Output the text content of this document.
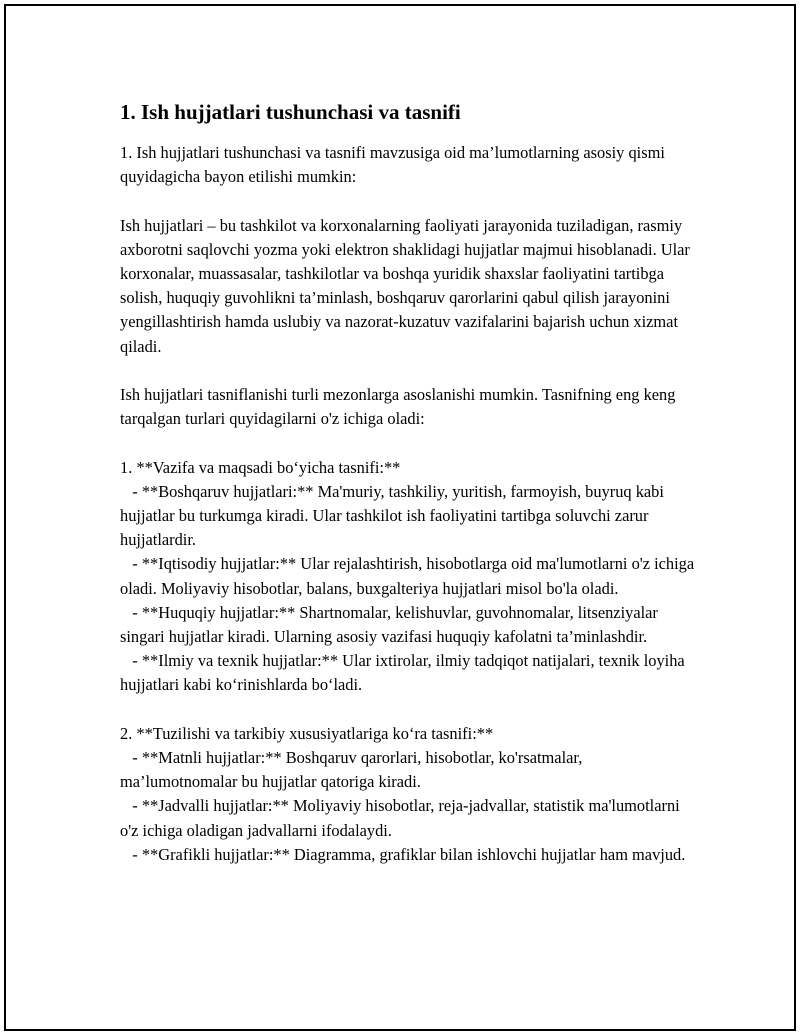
1. Ish hujjatlari tushunchasi va tasnifi

1. Ish hujjatlari tushunchasi va tasnifi mavzusiga oid ma’lumotlarning asosiy qismi quyidagicha bayon etilishi mumkin:

Ish hujjatlari – bu tashkilot va korxonalarning faoliyati jarayonida tuziladigan, rasmiy axborotni saqlovchi yozma yoki elektron shaklidagi hujjatlar majmui hisoblanadi. Ular korxonalar, muassasalar, tashkilotlar va boshqa yuridik shaxslar faoliyatini tartibga solish, huquqiy guvohlikni ta’minlash, boshqaruv qarorlarini qabul qilish jarayonini yengillashtirish hamda uslubiy va nazorat-kuzatuv vazifalarini bajarish uchun xizmat qiladi.

Ish hujjatlari tasniflanishi turli mezonlarga asoslanishi mumkin. Tasnifning eng keng tarqalgan turlari quyidagilarni o'z ichiga oladi:

1. **Vazifa va maqsadi bo‘yicha tasnifi:**

- **Boshqaruv hujjatlari:** Ma'muriy, tashkiliy, yuritish, farmoyish, buyruq kabi hujjatlar bu turkumga kiradi. Ular tashkilot ish faoliyatini tartibga soluvchi zarur hujjatlardir.

- **Iqtisodiy hujjatlar:** Ular rejalashtirish, hisobotlarga oid ma'lumotlarni o'z ichiga oladi. Moliyaviy hisobotlar, balans, buxgalteriya hujjatlari misol bo'la oladi.

- **Huquqiy hujjatlar:** Shartnomalar, kelishuvlar, guvohnomalar, litsenziyalar singari hujjatlar kiradi. Ularning asosiy vazifasi huquqiy kafolatni ta’minlashdir.

- **Ilmiy va texnik hujjatlar:** Ular ixtirolar, ilmiy tadqiqot natijalari, texnik loyiha hujjatlari kabi ko‘rinishlarda bo‘ladi.

2. **Tuzilishi va tarkibiy xususiyatlariga ko‘ra tasnifi:**

- **Matnli hujjatlar:** Boshqaruv qarorlari, hisobotlar, ko'rsatmalar, ma’lumotnomalar bu hujjatlar qatoriga kiradi.

- **Jadvalli hujjatlar:** Moliyaviy hisobotlar, reja-jadvallar, statistik ma'lumotlarni o'z ichiga oladigan jadvallarni ifodalaydi.

- **Grafikli hujjatlar:** Diagramma, grafiklar bilan ishlovchi hujjatlar ham mavjud.
